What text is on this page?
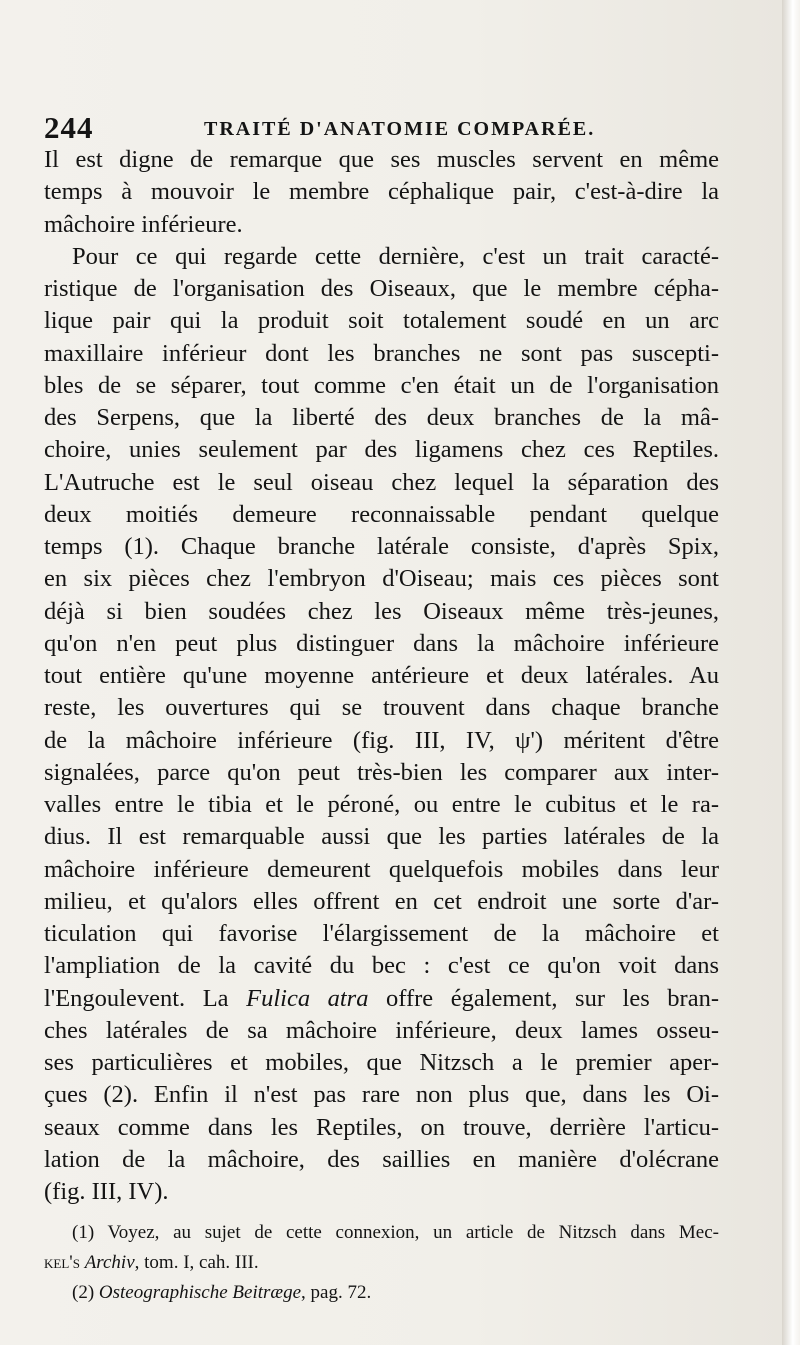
244	TRAITÉ D'ANATOMIE COMPARÉE.
Il est digne de remarque que ses muscles servent en même
temps à mouvoir le membre céphalique pair, c'est-à-dire la
mâchoire inférieure.
Pour ce qui regarde cette dernière, c'est un trait caracté-
ristique de l'organisation des Oiseaux, que le membre cépha-
lique pair qui la produit soit totalement soudé en un arc
maxillaire inférieur dont les branches ne sont pas suscepti-
bles de se séparer, tout comme c'en était un de l'organisation
des Serpens, que la liberté des deux branches de la mâ-
choire, unies seulement par des ligamens chez ces Reptiles.
L'Autruche est le seul oiseau chez lequel la séparation des
deux moitiés demeure reconnaissable pendant quelque
temps (1). Chaque branche latérale consiste, d'après Spix,
en six pièces chez l'embryon d'Oiseau; mais ces pièces sont
déjà si bien soudées chez les Oiseaux même très-jeunes,
qu'on n'en peut plus distinguer dans la mâchoire inférieure
tout entière qu'une moyenne antérieure et deux latérales. Au
reste, les ouvertures qui se trouvent dans chaque branche
de la mâchoire inférieure (fig. III, IV, ψ') méritent d'être
signalées, parce qu'on peut très-bien les comparer aux inter-
valles entre le tibia et le péroné, ou entre le cubitus et le ra-
dius. Il est remarquable aussi que les parties latérales de la
mâchoire inférieure demeurent quelquefois mobiles dans leur
milieu, et qu'alors elles offrent en cet endroit une sorte d'ar-
ticulation qui favorise l'élargissement de la mâchoire et
l'ampliation de la cavité du bec : c'est ce qu'on voit dans
l'Engoulevent. La Fulica atra offre également, sur les bran-
ches latérales de sa mâchoire inférieure, deux lames osseu-
ses particulières et mobiles, que Nitzsch a le premier aper-
çues (2). Enfin il n'est pas rare non plus que, dans les Oi-
seaux comme dans les Reptiles, on trouve, derrière l'articu-
lation de la mâchoire, des saillies en manière d'olécrane
(fig. III, IV).
(1) Voyez, au sujet de cette connexion, un article de Nitzsch dans Mec-
kel's Archiv, tom. I, cah. III.
(2) Osteographische Beitræge, pag. 72.
